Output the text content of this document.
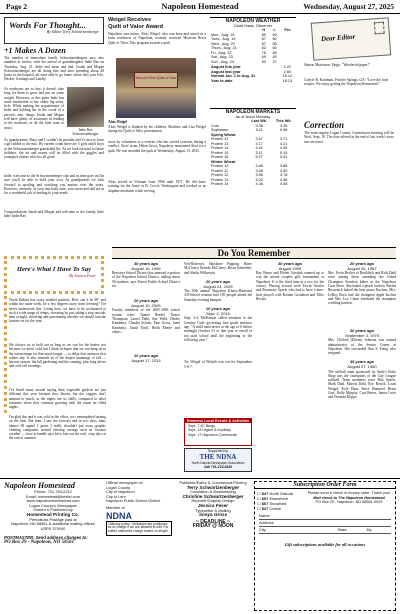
Page 2	Napoleon Homestead	Wednesday, August 27, 2025
Words For Thought...
By Editor Terry Schwartzenberger
+1 Makes A Dozen
The number of immediate family Schwartzenbergers now also numbers at twelve, with the arrival of granddaughter Indie Rae on Thursday, Aug. 21. Indie and mom and dad, Josiah and Megan Schwartzenberger are all doing fine and after spending about 48 hours in the hospital, all were able to go home where they join JoJo, Decker, Jennings and Landry.
As newborns are so tiny, it doesn't take long for them to grow and put on some weight. However, at this point Indie has some similarities to her oldest big sister, JoJo. While making the acquaintance of Indie and holding her in the crook of a person's arm, things Josiah and Megan will have plenty of assistance in tending to the newborn, as all the kids want to assist.
Indie Rae
Schwartzenberger
As grandparents, Mary and I couldn't be prouder and it's nice to have a girl added to the mix. By current count there are 5 girls and 6 boys in the Schwartzenberger grandchild list. As we look forward to future holidays, the air and rooms will be filled with the giggles and youngster chatter which is all good.
Indie, welcome to the Schwartzenberger clan and as time goes on I'm sure you'll be able to hold your own. As grandparents we look forward to spoiling and watching you mature over the years. However, currently, in your tiny baby state, your mom and dad are in for a wonderful job of tending to your needs.
Congratulations Jonah and Megan and welcome to the family, little baby Indie Rae.
Weigel Receives
Quilt of Valor Award
Napoleon area native, Alois Weigel, who was born and raised on a farm southwest of Napoleon, recently received Missouri River Quilt of Valor. This program awards a quilt
Missouri River Quilts of Valor
Alois Weigel
Alois Weigel is flanked by his children, Matthew and Lisa Weigel during his Quilt of Valor presentation.
sewn by volunteers to a veteran who has served overseas during a conflict. Alois' sister, Helen Gross, Napoleon, nominated Alois for a quilt. He was awarded the quilt at Wednesday, August 13, 2025.
Alois served in Vietnam from 1966 until 1971. He did basic training for the Army at Ft. Lewis, Washington and worked as an airplane mechanic while serving.
NAPOLEON WEATHER
Clark Haas, Observer
	H	L	Pre.
Mon., Aug. 18	89	59	
Tues., Aug. 19	87	60	
Wed., Aug. 20	87	58	
Thurs., Aug. 21	82	60	
Fri., Aug. 22	78	48	
Sat., Aug. 23	69	49	
Sun., Aug. 24	63	37	
August this year	1.22
August last year	2.60
Normal Jan. 1 to Aug. 31	15.12
Year to date	18.13
NAPOLEON MARKETS
as of Noon Monday
	Last Wk.	This Wk.
Corn	3.38	3.35
Soybeans	9.11	9.58
Spring Wheat		
Protein 12	3.67	3.71
Protein 13	4.17	4.21
Protein 14	4.91	4.95
Protein 15	5.11	5.15
Protein 16	5.27	5.31
Winter Wheat		
Protein 10	3.86	3.88
Protein 11	3.48	3.50
Protein 12	3.86	3.78
Protein 13	4.02	4.38
Protein 14	4.48	4.38
Dear Editor
Sharon Martinson, Fargo: "Wonderful paper!"
Carlyle B. Kaufman, Powder Springs, GA: "Love the food recipes. We enjoy getting the Napoleon Homestead."
Correction
The semi-regular Logan County Commission meeting will be Wed., Sept. 10. The date offered at the end of last week's story was incorrect.
Do You Remember
Here's What I Have To Say
By Jessica Feser
North Dakota has crazy weather patterns. How can it be 90° and within the same week, be a few degrees away from freezing? I've never understood this. Living here, we have to be acclimated to such a wide range of temps, swearing by just taking a step outside, then at night, shivering and questioning whether we should turn the furnace on for the year.
We always try to hold out as long as we can for the heater, not because we aren't cold, but I think in hopes that we can hang on to the warm temps for that much longer — to delay that ominous first winter day. It also reminds us of the deeper hauntings of fall — harvest season, the fall gardening and the canning, plus long drives and cool fall evenings.
I've heard many around saying their vegetable gardens are just different this year because they bloom, but the veggies don't amount to much, as the nights are so chilly, compared to other summers when they continue growing with the warm air filled nights.
I'm glad this and it was cold in the office, we contemplated turning on the heat. But then, I saw the forecast and in two days, bam, almost 90 again! I guess I really shouldn't put away graphic clothing companies around offering savings such as 'sweater weather' — how to handle up a bit to last out the cool, crisp days at the end of summer.
30 years ago
August 16, 1995
Brewster School District has annexed a portion of the Napoleon School District, adding about 50 students, says Prairie Public School District etc.
20 years ago
August 10, 2005
Faculty members of the 2005-2006 school system were: Tanner Bredel, Nancy Thompson, Laurel Dahl, Sue Wald, Deidre Kambeitz, Claudia Schulz, Pam Gross, Janet Kambeitz, Justin Emil, Heidi Eberle and others.
10 years ago
August 17, 2015
Veit-Rettersel, Shoshone Pupping, Barry McCleery, Brenda McCleery, Brian Schneider, and Shelia Wilkerson.
20 years ago
August 24, 2005
The 10th annual Napoleon Klutzy-Burnstad All-School reunion had 185 people attend the Saturday evening banquet.
10 years ago
Sept. 2, 2015
Sept. 3-4, Ma'Kenzie called attention to the Century Code governing first grade entrance age. "A child must arrive at the age of 6 before midnight October 31 of that year to enroll or not start school until the beginning of the following year."
Try Weigel of Wishek was out for September 5-6-7.
30 years ago
August 1995
Ray Bauer and Eileen Grosdek teamed up to win the mixed couples golf tournament at Napoleon. It is the third time in a row for the victory. Placing second were Erwin Giesler and Rosemary Sperle who had to have a nine-hole playoff with Ronnie Goodman and Tillie Becker.
20 years ago
August 26, 1987
Mrs. Ervin Becker of Braddock and Rick Dahl were among those attending the Grand Champion Kutchen baker at the Napoleon Corn Show. She baked a peach kuchen. Bertha Bossenick baked the beat prune Kuchen; Mrs. LeRoy Bock had the champion apple kuchen and Mrs. Leo Chase exhibited the champion wedding kuchen.
30 years ago
September 3, 1975
Mrs. Clifford (Eileen) Johnson was named administrator of the Senior Center at Napoleon. She succeeded Ann S. Fettig who resigned.
45 years ago
August 27, 1980
The softball team sponsored by Andy's Body Shop was the champions of the City League softball. Team members were Bob Sperle, Mark Dahl, Marvin Dahl, Eric Reisch, Louis Weigel, Kyle Haas, Steve Hummel, Brent Graf, Kelly Murphy, Curt Reeve, James Leier and Norman Klippe.
Emmons Local Events & Activities
Sept. 7 4C Bingo
Sept. 13 Legion & Auxiliary
Sept. 17 Napoleon Community
Supported by
THE NDNA
North Dakota Newspaper Association
Call 701-223-6420
Napoleon Homestead
Phone: 701-754-2212
Email: homestead@bektel.com
www.napoleonhomestead.com
Logan County's Newspaper
Owned & Published by
Homestead Printing Co.
Periodicals Postage paid at
Napoleon, ND 58561 & additional mailing offices
USPS 379040
POSTMASTER: Send address changes to:
PO Box 29 - Napoleon, ND 58561
Official newspaper of:
Logan County
City of Napoleon
City of Lehr
Napoleon Public School District
Member of
NDNA
Obituary policy: Obituaries are published at no charge if we are allowed to edit. For edited obituaries charge based on length.
Publisher/Editor & Commercial Printing
Terry Schwartzenberger
Circulation & Bookkeeping
Christine Schwartzenberger
Reporter/Graphic Design
Jessica Feser
Typesetter & Mailing
Sonya Gross
~ DEADLINE ~
FRIDAY @ NOON
Subscription Order Form
☐ $47 North Dakota
☐ $57 Elsewhere
☐ $67 Snowbird
☐ $37 Online
Please send a check or money order. Thank you!
Mail check to The Napoleon Homestead
PO Box 29 - Napoleon, ND 58561-0029
Name
Address
City	State	Zip
Gift subscriptions available for all occasions
